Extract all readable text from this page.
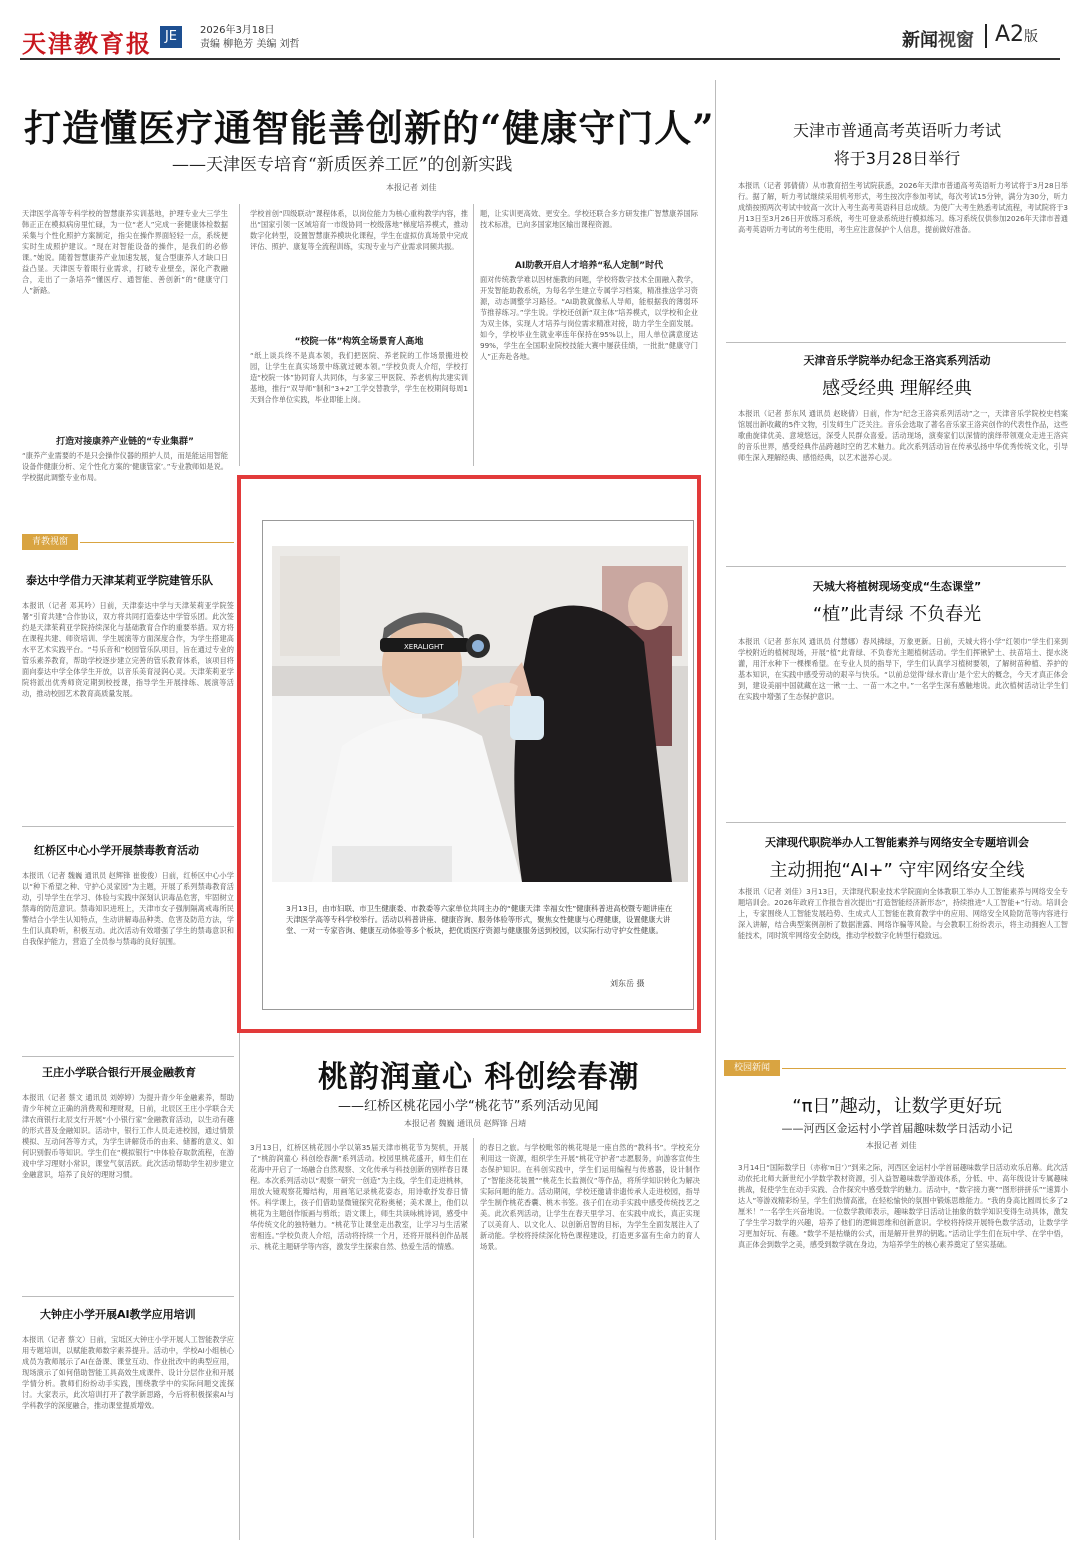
天津教育报 JE	2026年3月18日
责编 柳艳芳 美编 刘哲	新闻视窗 A2版
打造懂医疗通智能善创新的“健康守门人”
——天津医专培育“新质医养工匠”的创新实践
本报记者 刘佳
天津医学高等专科学校的智慧康养实训基地，护理专业大三学生韩正正在模拟病房里忙碌，为一位“老人”完成一套健康体检数据采集与个性化照护方案制定，指尖在操作界面轻轻一点，系统便实时生成照护建议。“现在对智能设备的操作，是我们的必修课。”她说。随着智慧康养产业加速发展，复合型康养人才缺口日益凸显。天津医专着眼行业需求，打破专业壁垒，深化产教融合，走出了一条培养“懂医疗、通智能、善创新”的“健康守门人”新路。
打造对接康养产业链的“专业集群”
“康养产业需要的不是只会操作仪器的照护人员，而是能运用智能设备作健康分析、定个性化方案的‘健康管家’。”专业教师如是说。学校据此调整专业布局。
学校首创“四级联动”课程体系，以岗位能力为核心重构教学内容，推出“国家引领一区域培育一市级协同一校级落地”梯度培养模式，推动数字化转型，设置智慧康养模块化课程，学生在虚拟仿真场景中完成评估、照护、康复等全流程训练，实现专业与产业需求同频共振。
“校院一体”构筑全场景育人高地
“纸上谈兵终不是真本领，我们把医院、养老院的工作场景搬进校园，让学生在真实场景中练就过硬本领。”学校负责人介绍，学校打造“校院一体”协同育人共同体，与多家三甲医院、养老机构共建实训基地，推行“双导师”制和“3+2”工学交替教学，学生在校期间每周1天到合作单位实践，毕业即能上岗。
题，让实训更高效、更安全。学校还联合多方研发推广智慧康养国际技术标准，已向多国家地区输出课程资源。
AI助教开启人才培养“私人定制”时代
面对传统教学难以因材施教的问题，学校将数字技术全面融入教学，开发智能助教系统，为每名学生建立专属学习档案，精准推送学习资源，动态调整学习路径。“AI助教就像私人导师，能根据我的薄弱环节推荐练习。”学生说。学校还创新“双主体”培养模式，以学校和企业为双主体，实现人才培养与岗位需求精准对接，助力学生全面发展。如今，学校毕业生就业率连年保持在95%以上，用人单位满意度达99%，学生在全国职业院校技能大赛中屡获佳绩，一批批“健康守门人”正奔赴各地。
青教视窗
泰达中学借力天津某莉亚学院建管乐队
本报讯（记者 邓其吟）日前，天津泰达中学与天津茱莉亚学院签署“引育共建”合作协议，双方将共同打造泰达中学管乐团。此次签约是天津茱莉亚学院持续深化与基础教育合作的重要举措。双方将在课程共建、师资培训、学生展演等方面深度合作，为学生搭建高水平艺术实践平台。“号乐音和”校园管乐队项目，旨在通过专业的管乐素养教育，帮助学校逐步建立完善的管乐教育体系，该项目将面向泰达中学全体学生开放，以音乐美育浸润心灵。天津茱莉亚学院将派出优秀师资定期到校授课，指导学生开展排练、展演等活动，推动校园艺术教育高质量发展。
红桥区中心小学开展禁毒教育活动
本报讯（记者 魏巍 通讯员 赵辉锋 崔俊俊）日前，红桥区中心小学以“种下希望之种、守护心灵家园”为主题，开展了系列禁毒教育活动，引导学生在学习、体验与实践中深刻认识毒品危害，牢固树立禁毒的防范意识。禁毒知识进班上，天津市女子强制隔离戒毒所民警结合小学生认知特点，生动讲解毒品种类、危害及防范方法，学生们认真聆听，积极互动。此次活动有效增强了学生的禁毒意识和自我保护能力，营造了全员参与禁毒的良好氛围。
王庄小学联合银行开展金融教育
本报讯（记者 蔡文 通讯员 刘婷婷）为提升青少年金融素养，帮助青少年树立正确的消费观和理财观，日前，北辰区王庄小学联合天津农商银行北辰支行开展“小小银行家”金融教育活动，以生动有趣的形式普及金融知识。活动中，银行工作人员走进校园，通过情景模拟、互动问答等方式，为学生讲解货币的由来、储蓄的意义、如何识别假币等知识。学生们在“模拟银行”中体验存取款流程，在游戏中学习理财小常识，课堂气氛活跃。此次活动帮助学生初步建立金融意识，培养了良好的理财习惯。
大钟庄小学开展AI教学应用培训
本报讯（记者 蔡文）日前，宝坻区大钟庄小学开展人工智能教学应用专题培训，以赋能教师数字素养提升。活动中，学校AI小组核心成员为教师展示了AI在备课、课堂互动、作业批改中的典型应用，现场演示了如何借助智能工具高效生成课件、设计分层作业和开展学情分析。教师们纷纷动手实践，围绕教学中的实际问题交流探讨。大家表示，此次培训打开了教学新思路，今后将积极探索AI与学科教学的深度融合，推动课堂提质增效。
XERALIGHT
3月13日，由市妇联、市卫生健康委、市教委等六家单位共同主办的“健康天津 幸福女性”健康科普进高校暨专题讲座在天津医学高等专科学校举行。活动以科普讲座、健康咨询、服务体验等形式，聚焦女性健康与心理健康，设置健康大讲堂、一对一专家咨询、健康互动体验等多个板块，把优质医疗资源与健康服务送到校园，以实际行动守护女性健康。
刘东岳 摄
桃韵润童心 科创绘春潮
——红桥区桃花园小学“桃花节”系列活动见闻
本报记者 魏巍 通讯员 赵辉锋 吕靖
3月13日，红桥区桃花园小学以第35届天津市桃花节为契机，开展了“桃韵润童心 科创绘春潮”系列活动。校园里桃花盛开，师生们在花海中开启了一场融合自然观察、文化传承与科技创新的别样春日课程。本次系列活动以“观察一研究一创造”为主线，学生们走进桃林，用放大镜观察花瓣结构，用画笔记录桃花姿态，用诗歌抒发春日情怀。科学课上，孩子们借助显微镜探究花粉奥秘；美术课上，他们以桃花为主题创作版画与剪纸；语文课上，师生共读咏桃诗词，感受中华传统文化的独特魅力。“桃花节让课堂走出教室，让学习与生活紧密相连。”学校负责人介绍，活动将持续一个月，还将开展科创作品展示、桃花主题研学等内容，激发学生探索自然、热爱生活的情感。
的春日之旅。与学校毗邻的桃花堤是一座自然的“教科书”。学校充分利用这一资源，组织学生开展“桃花守护者”志愿服务，向游客宣传生态保护知识。在科创实践中，学生们运用编程与传感器，设计制作了“智能浇花装置”“桃花生长监测仪”等作品，将所学知识转化为解决实际问题的能力。活动期间，学校还邀请非遗传承人走进校园，指导学生制作桃花香囊、桃木书签。孩子们在动手实践中感受传统技艺之美。此次系列活动，让学生在春天里学习、在实践中成长，真正实现了以美育人、以文化人、以创新启智的目标，为学生全面发展注入了新动能。学校将持续深化特色课程建设，打造更多富有生命力的育人场景。
天津市普通高考英语听力考试
将于3月28日举行
本报讯（记者 郭倩倩）从市教育招生考试院获悉，2026年天津市普通高考英语听力考试将于3月28日举行。据了解，听力考试继续采用机考形式，考生按次序参加考试，每次考试15分钟，满分为30分，听力成绩按照两次考试中较高一次计入考生高考英语科目总成绩。为使广大考生熟悉考试流程，考试院将于3月13日至3月26日开放练习系统，考生可登录系统进行模拟练习。练习系统仅供参加2026年天津市普通高考英语听力考试的考生使用，考生应注意保护个人信息，提前做好准备。
天津音乐学院举办纪念王洛宾系列活动
感受经典 理解经典
本报讯（记者 彭东风 通讯员 赵晓倩）日前，作为“纪念王洛宾系列活动”之一，天津音乐学院校史档案馆展出新收藏的5件文物，引发师生广泛关注。音乐会选取了著名音乐家王洛宾创作的代表性作品，这些歌曲旋律优美、意境悠远，深受人民群众喜爱。活动现场，演奏家们以深情的演绎带领观众走进王洛宾的音乐世界，感受经典作品跨越时空的艺术魅力。此次系列活动旨在传承弘扬中华优秀传统文化，引导师生深入理解经典、感悟经典，以艺术滋养心灵。
天城大将植树现场变成“生态课堂”
“植”此青绿 不负春光
本报讯（记者 彭东风 通讯员 付慧娜）春风拂绿，万象更新。日前，天城大将小学“红领巾”学生们来到学校附近的植树现场，开展“植”此青绿、不负春光主题植树活动。学生们挥锹铲土、扶苗培土、提水浇灌，用汗水种下一棵棵希望。在专业人员的指导下，学生们认真学习植树要领，了解树苗种植、养护的基本知识，在实践中感受劳动的艰辛与快乐。“以前总觉得‘绿水青山’是个宏大的概念，今天才真正体会到，建设美丽中国就藏在这一锹一土、一苗一木之中。”一名学生深有感触地说。此次植树活动让学生们在实践中增强了生态保护意识。
天津现代职院举办人工智能素养与网络安全专题培训会
主动拥抱“AI+” 守牢网络安全线
本报讯（记者 刘佳）3月13日，天津现代职业技术学院面向全体教职工举办人工智能素养与网络安全专题培训会。2026年政府工作报告首次提出“打造智能经济新形态”，持续推进“人工智能+”行动。培训会上，专家围绕人工智能发展趋势、生成式人工智能在教育教学中的应用、网络安全风险防范等内容进行深入讲解，结合典型案例剖析了数据泄露、网络诈骗等风险。与会教职工纷纷表示，将主动拥抱人工智能技术，同时筑牢网络安全防线，推动学校数字化转型行稳致远。
校园新闻
“π日”趣动，让数学更好玩
——河西区金运村小学首届趣味数学日活动小记
本报记者 刘佳
3月14日“国际数学日（亦称‘π日’）”到来之际，河西区金运村小学首届趣味数学日活动欢乐启幕。此次活动依托北师大新世纪小学数学教材资源，引入益智趣味数学游戏体系，分低、中、高年级设计专属趣味挑战，促使学生在动手实践、合作探究中感受数学的魅力。活动中，“数字接力赛”“图形拼拼乐”“速算小达人”等游戏精彩纷呈，学生们热情高涨，在轻松愉快的氛围中锻炼思维能力。“我的身高比圆周长多了2厘米！”一名学生兴奋地说。一位数学教师表示，趣味数学日活动让抽象的数学知识变得生动具体，激发了学生学习数学的兴趣，培养了他们的逻辑思维和创新意识。学校将持续开展特色数学活动，让数学学习更加好玩、有趣。“数学不是枯燥的公式，而是解开世界的钥匙。”活动让学生们在玩中学、在学中悟，真正体会到数学之美，感受到数学就在身边，为培养学生的核心素养奠定了坚实基础。
